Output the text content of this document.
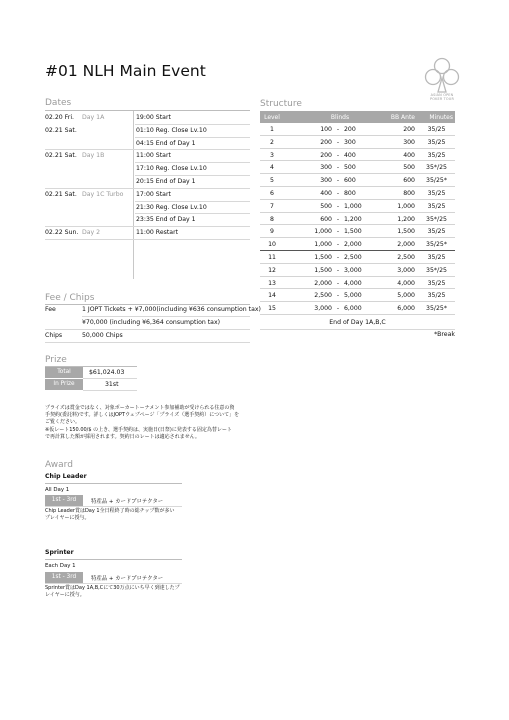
#01 NLH Main Event
ASIAN OPEN
POKER TOUR
Dates
02.20 Fri. Day 1A	19:00 Start
02.21 Sat.	01:10 Reg. Close Lv.10
04:15 End of Day 1
02.21 Sat. Day 1B	11:00 Start
17:10 Reg. Close Lv.10
20:15 End of Day 1
02.21 Sat. Day 1C Turbo 17:00 Start
21:30 Reg. Close Lv.10
23:35 End of Day 1
02.22 Sun. Day 2	11:00 Restart
Fee / Chips
Fee	1 JOPT Tickets + ¥7,000(including ¥636 consumption tax)
¥70,000 (including ¥6,364 consumption tax)
Chips	50,000 Chips
Prize
Total	$61,024.03
In Prize	31st
プライズは賞金ではなく、対象ポーカートーナメント参加補助が受けられる住意の資
手契約(委託料)です。詳しくはJOPTウェブページ「プライズ（選手契約）について」を
ご覧ください。
※仮レート150.00/$ の上き、選手契約は、実施日(日祭)に発表する固定為替レート
で再計算した額が採用されます。契約日のレートは適応されません。
Award
Chip Leader
All Day 1
1st - 3rd	特産品 + カードプロテクター
Chip Leader賞はDay 1全日程終了時の総チップ数が多い
プレイヤーに授与。
Sprinter
Each Day 1
1st - 3rd	特産品 + カードプロテクター
Sprinter賞はDay 1A,B,Cにて30万点にいち早く到達したプ
レイヤーに授与。
Structure
Level	Blinds	BB Ante	Minutes
1	100 - 200	200	35/25
2	200 - 300	300	35/25
3	200 - 400	400	35/25
4	300 - 500	500	35*/25
5	300 - 600	600	35/25*
6	400 - 800	800	35/25
7	500 - 1,000	1,000	35/25
8	600 - 1,200	1,200	35*/25
9	1,000 - 1,500	1,500	35/25
10	1,000 - 2,000	2,000	35/25*
11	1,500 - 2,500	2,500	35/25
12	1,500 - 3,000	3,000	35*/25
13	2,000 - 4,000	4,000	35/25
14	2,500 - 5,000	5,000	35/25
15	3,000 - 6,000	6,000	35/25*
End of Day 1A,B,C
*Break
